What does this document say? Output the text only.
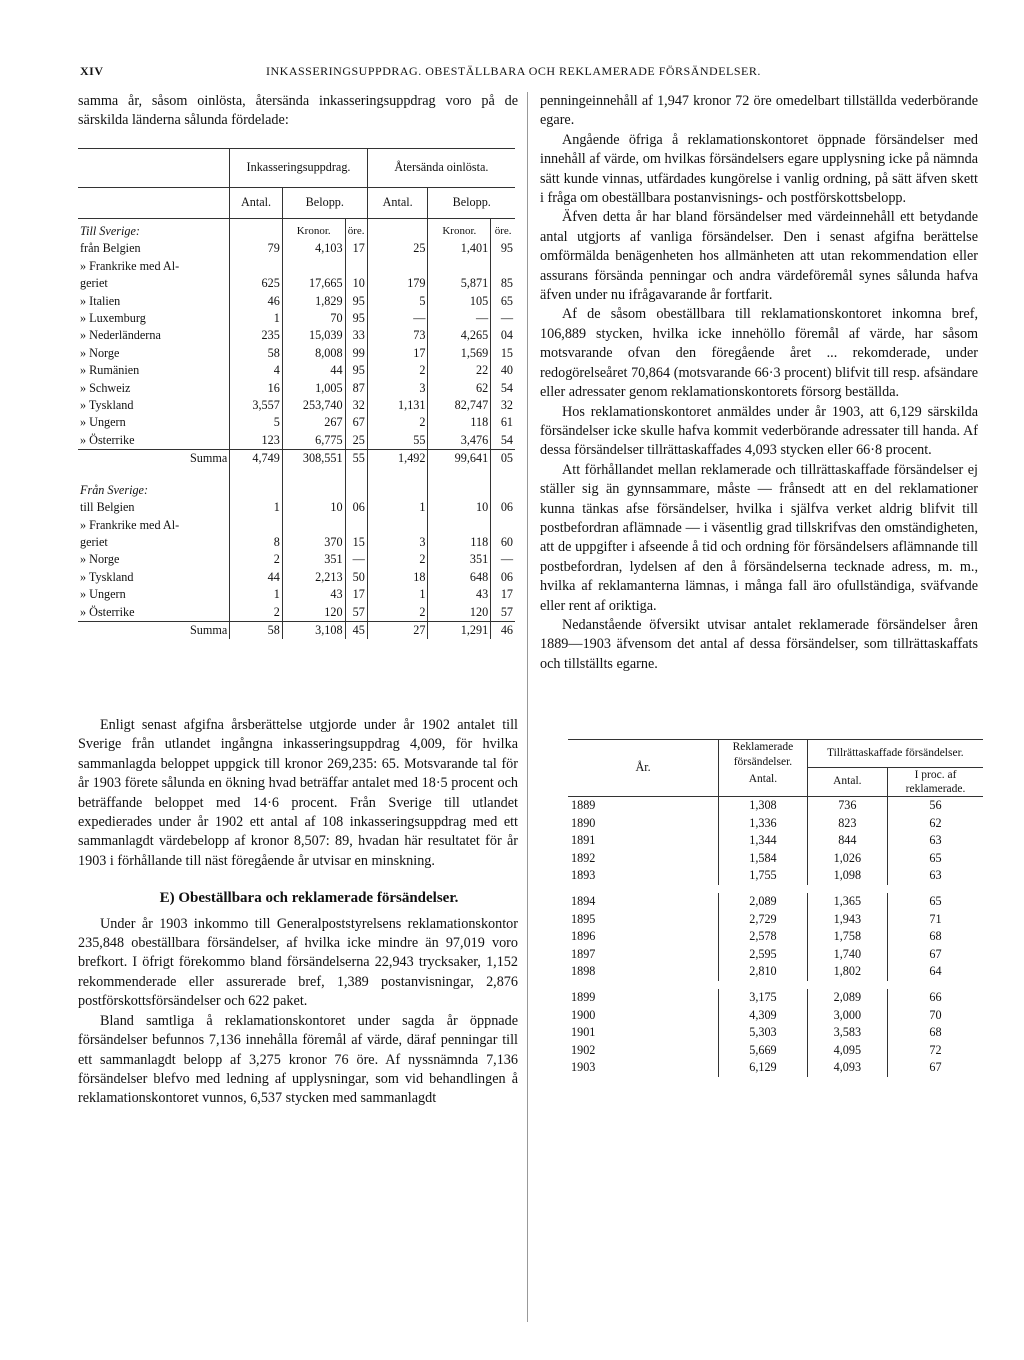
XIV	INKASSERINGSUPPDRAG. OBESTÄLLBARA OCH REKLAMERADE FÖRSÄNDELSER.

samma år, såsom oinlösta, återsända inkasseringsuppdrag voro på de särskilda länderna sålunda fördelade:

	Inkasseringsuppdrag.			Återsända oinlösta.		
	Antal.	Belopp.		Antal.	Belopp.	
Till Sverige:		Kronor.	öre.		Kronor.	öre.
från Belgien	79	4,103	17	25	1,401	95
» Frankrike med Al-						
geriet	625	17,665	10	179	5,871	85
» Italien	46	1,829	95	5	105	65
» Luxemburg	1	70	95	—	—	—
» Nederländerna	235	15,039	33	73	4,265	04
» Norge	58	8,008	99	17	1,569	15
» Rumänien	4	44	95	2	22	40
» Schweiz	16	1,005	87	3	62	54
» Tyskland	3,557	253,740	32	1,131	82,747	32
» Ungern	5	267	67	2	118	61
» Österrike	123	6,775	25	55	3,476	54
Summa	4,749	308,551	55	1,492	99,641	05
Från Sverige:						
till Belgien	1	10	06	1	10	06
» Frankrike med Al-						
geriet	8	370	15	3	118	60
» Norge	2	351	—	2	351	—
» Tyskland	44	2,213	50	18	648	06
» Ungern	1	43	17	1	43	17
» Österrike	2	120	57	2	120	57
Summa	58	3,108	45	27	1,291	46

Enligt senast afgifna årsberättelse utgjorde under år 1902 antalet till Sverige från utlandet ingångna inkasseringsuppdrag 4,009, för hvilka sammanlagda beloppet uppgick till kronor 269,235: 65. Motsvarande tal för år 1903 förete sålunda en ökning hvad beträffar antalet med 18·5 procent och beträffande beloppet med 14·6 procent. Från Sverige till utlandet expedierades under år 1902 ett antal af 108 inkasseringsuppdrag med ett sammanlagdt värdebelopp af kronor 8,507: 89, hvadan här resultatet för år 1903 i förhållande till näst föregående år utvisar en minskning.

E) Obeställbara och reklamerade försändelser.

Under år 1903 inkommo till Generalpoststyrelsens reklamationskontor 235,848 obeställbara försändelser, af hvilka icke mindre än 97,019 voro brefkort. I öfrigt förekommo bland försändelserna 22,943 trycksaker, 1,152 rekommenderade eller assurerade bref, 1,389 postanvisningar, 2,876 postförskottsförsändelser och 622 paket.

Bland samtliga å reklamationskontoret under sagda år öppnade försändelser befunnos 7,136 innehålla föremål af värde, däraf penningar till ett sammanlagdt belopp af 3,275 kronor 76 öre. Af nyssnämnda 7,136 försändelser blefvo med ledning af upplysningar, som vid behandlingen å reklamationskontoret vunnos, 6,537 stycken med sammanlagdt

penningeinnehåll af 1,947 kronor 72 öre omedelbart tillställda vederbörande egare.

Angående öfriga å reklamationskontoret öppnade försändelser med innehåll af värde, om hvilkas försändelsers egare upplysning icke på nämnda sätt kunde vinnas, utfärdades kungörelse i vanlig ordning, på sätt äfven skett i fråga om obeställbara postanvisnings- och postförskottsbelopp.

Äfven detta år har bland försändelser med värdeinnehåll ett betydande antal utgjorts af vanliga försändelser. Den i senast afgifna berättelse omförmälda benägenheten hos allmänheten att utan rekommendation eller assurans försända penningar och andra värdeföremål synes sålunda hafva äfven under nu ifrågavarande år fortfarit.

Af de såsom obeställbara till reklamationskontoret inkomna bref, 106,889 stycken, hvilka icke innehöllo föremål af värde, har såsom motsvarande ofvan den föregående året ... rekomderade, under redogörelseåret 70,864 (motsvarande 66·3 procent) blifvit till resp. afsändare eller adressater genom reklamationskontorets försorg beställda.

Hos reklamationskontoret anmäldes under år 1903, att 6,129 särskilda försändelser icke skulle hafva kommit vederbörande adressater till handa. Af dessa försändelser tillrättaskaffades 4,093 stycken eller 66·8 procent.

Att förhållandet mellan reklamerade och tillrättaskaffade försändelser ej ställer sig än gynnsammare, måste — frånsedt att en del reklamationer kunna tänkas afse försändelser, hvilka i själfva verket aldrig blifvit till postbefordran aflämnade — i väsentlig grad tillskrifvas den omständigheten, att de uppgifter i afseende å tid och ordning för försändelsers aflämnande till postbefordran, lydelsen af den å försändelserna tecknade adress, m. m., hvilka af reklamanterna lämnas, i många fall äro ofullständiga, sväfvande eller rent af oriktiga.

Nedanstående öfversikt utvisar antalet reklamerade försändelser åren 1889—1903 äfvensom det antal af dessa försändelser, som tillrättaskaffats och tillställts egarne.

År.	Reklamerade försändelser.	Tillrättaskaffade försändelser.	
		Antal.	I proc. af reklamerade.
	Antal.		
1889	1,308	736	56
1890	1,336	823	62
1891	1,344	844	63
1892	1,584	1,026	65
1893	1,755	1,098	63
1894	2,089	1,365	65
1895	2,729	1,943	71
1896	2,578	1,758	68
1897	2,595	1,740	67
1898	2,810	1,802	64
1899	3,175	2,089	66
1900	4,309	3,000	70
1901	5,303	3,583	68
1902	5,669	4,095	72
1903	6,129	4,093	67
